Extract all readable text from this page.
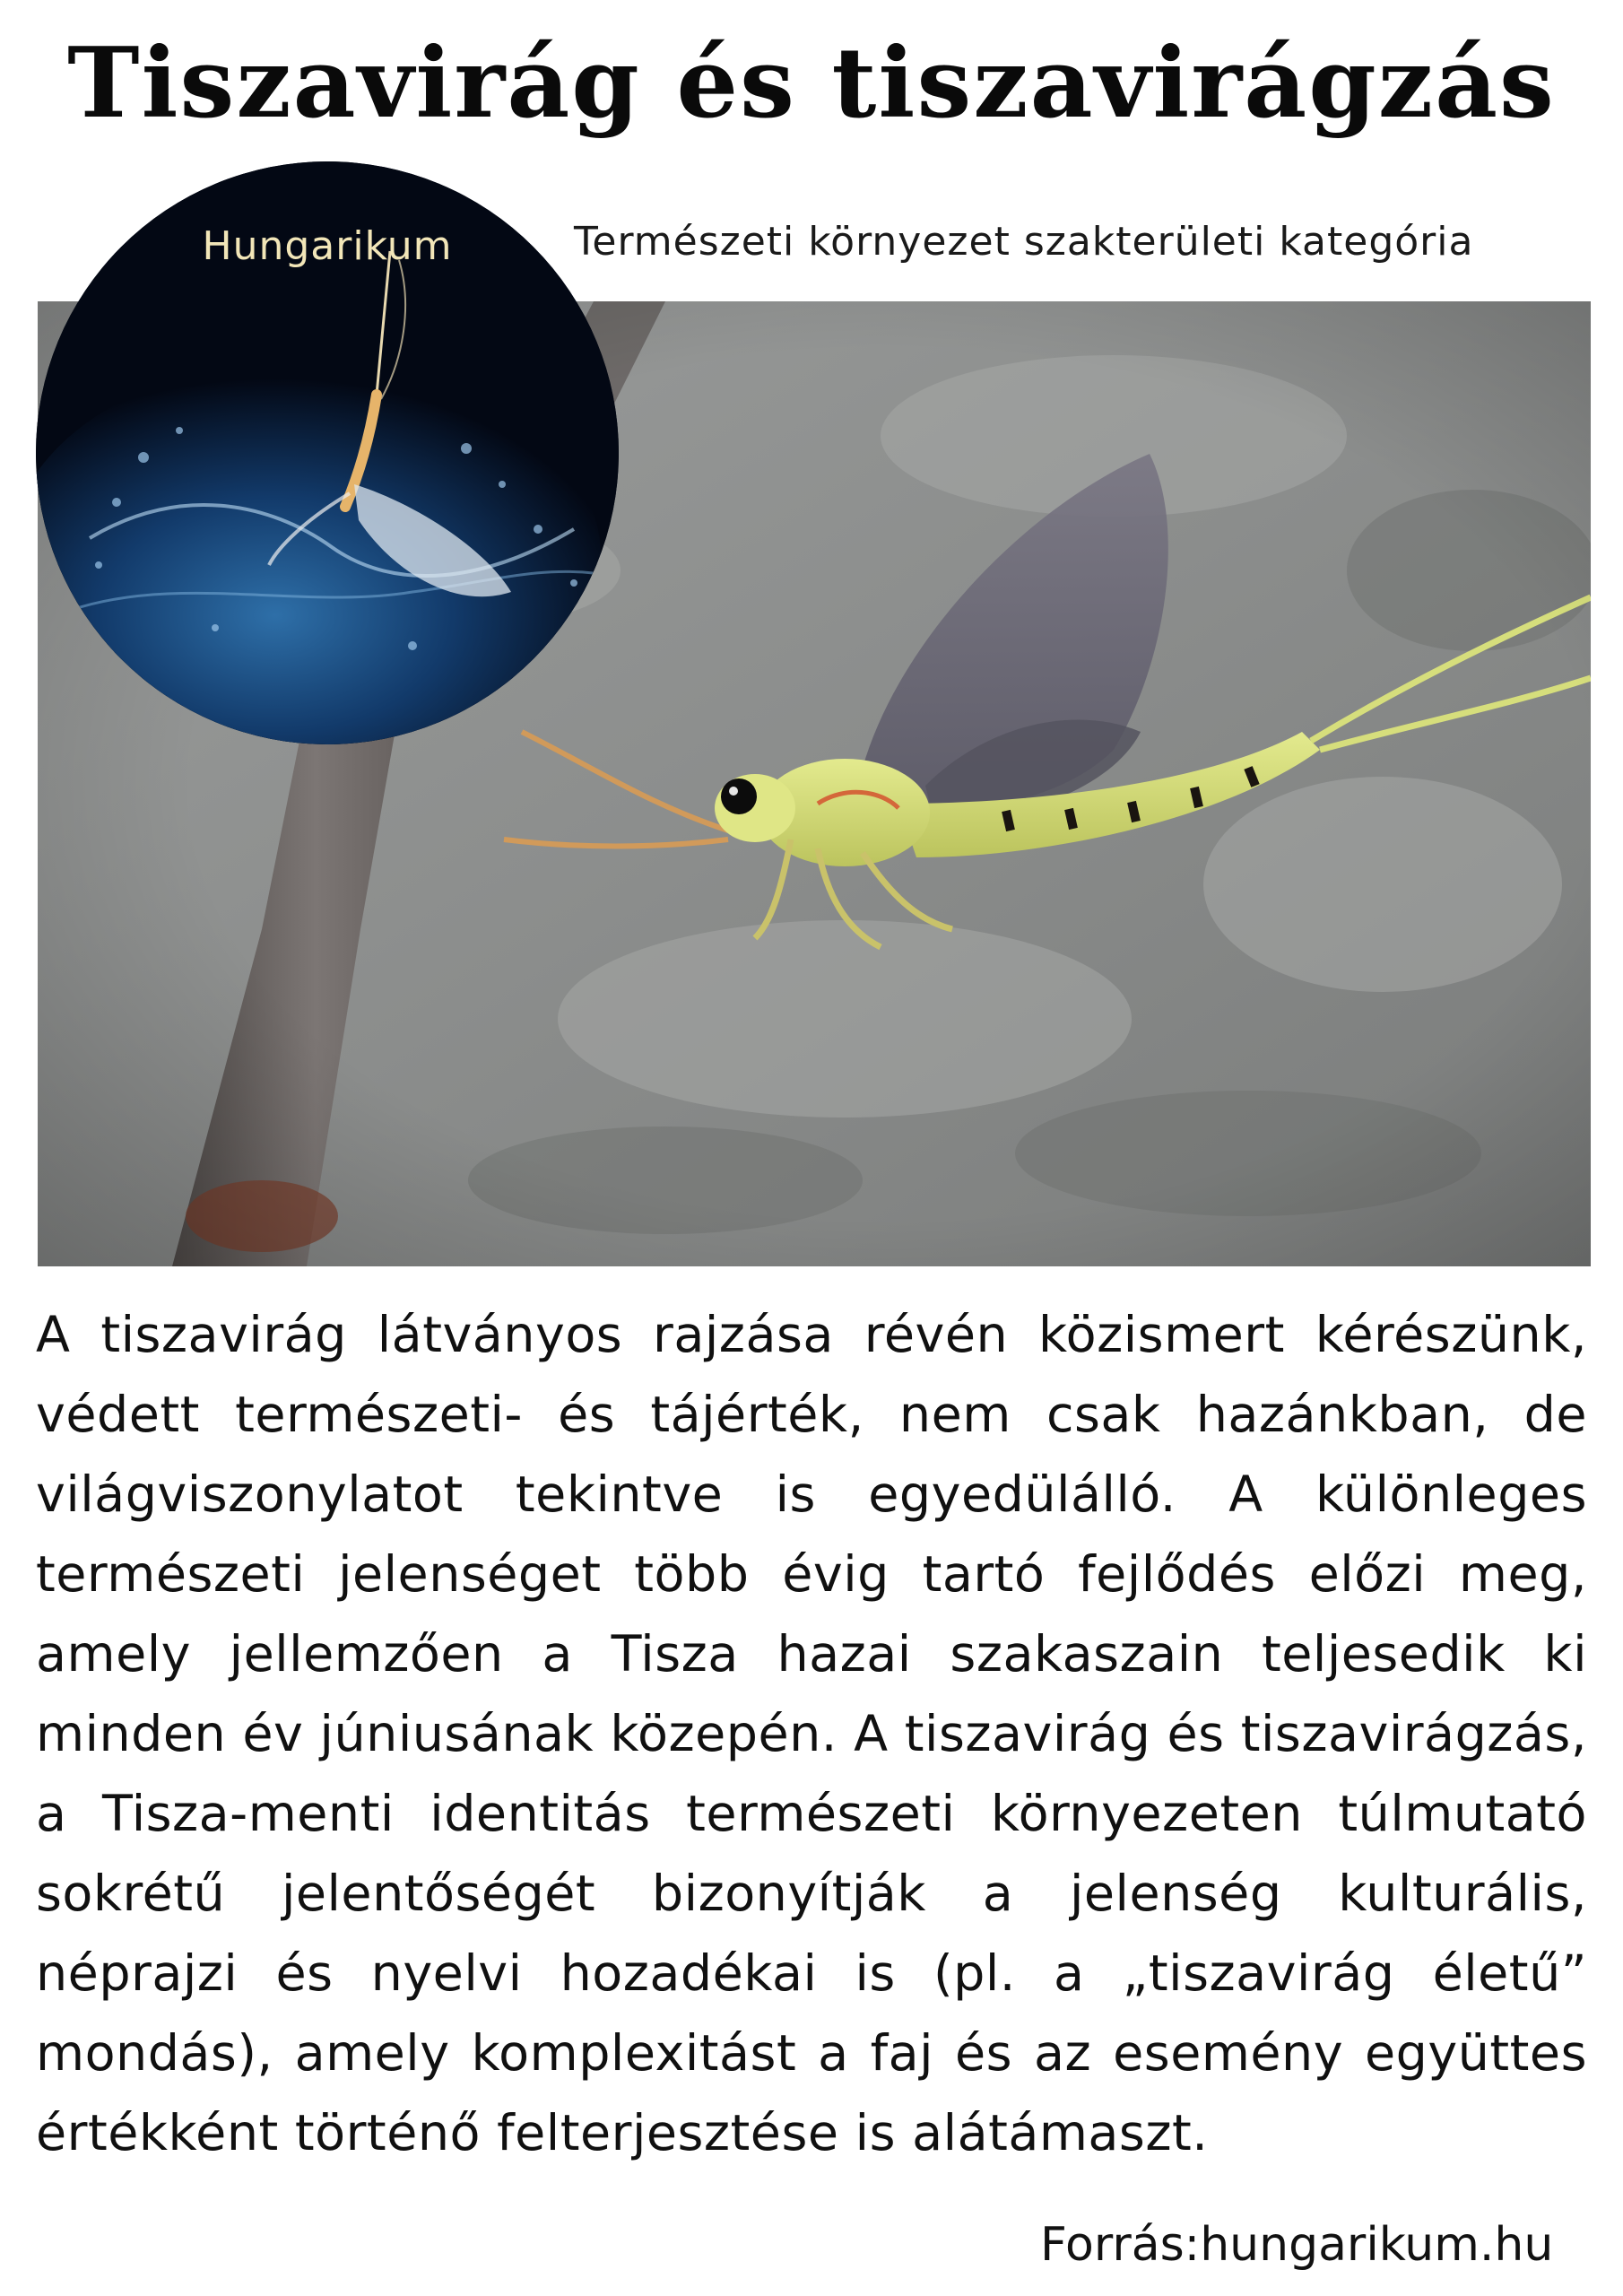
Tiszavirág és tiszavirágzás
Természeti környezet szakterületi kategória
Hungarikum

A tiszavirág látványos rajzása révén közismert kérészünk, védett természeti- és tájérték, nem csak hazánkban, de világviszonylatot tekintve is egyedülálló. A különleges természeti jelenséget több évig tartó fejlődés előzi meg, amely jellemzően a Tisza hazai szakaszain teljesedik ki minden év júniusának közepén. A tiszavirág és tiszavirágzás, a Tisza-menti identitás természeti környezeten túlmutató sokrétű jelentőségét bizonyítják a jelenség kulturális, néprajzi és nyelvi hozadékai is (pl. a „tiszavirág életű” mondás), amely komplexitást a faj és az esemény együttes értékként történő felterjesztése is alátámaszt.

Forrás:hungarikum.hu
